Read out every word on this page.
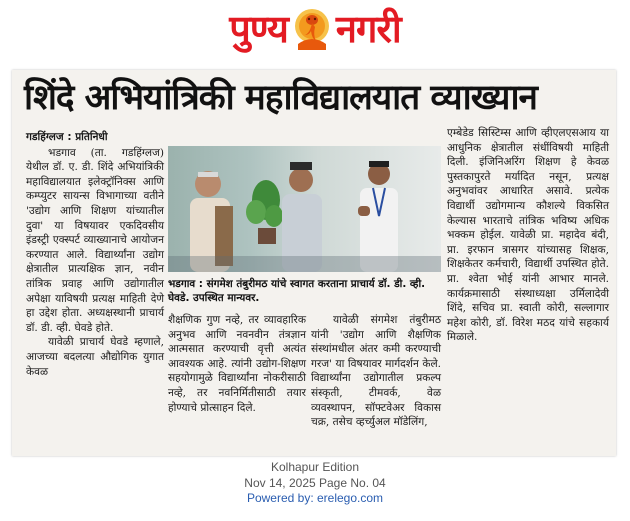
पुण्य नगरी
शिंदे अभियांत्रिकी महाविद्यालयात व्याख्यान

गडहिंग्लज : प्रतिनिधी

भडगाव (ता. गडहिंग्लज) येथील डॉ. ए. डी. शिंदे अभियांत्रिकी महाविद्यालयात इलेक्ट्रॉनिक्स आणि कम्प्युटर सायन्स विभागाच्या वतीने 'उद्योग आणि शिक्षण यांच्यातील दुवा' या विषयावर एकदिवसीय इंडस्ट्री एक्स्पर्ट व्याख्यानाचे आयोजन करण्यात आले. विद्यार्थ्यांना उद्योग क्षेत्रातील प्रात्यक्षिक ज्ञान, नवीन तांत्रिक प्रवाह आणि उद्योगातील अपेक्षा याविषयी प्रत्यक्ष माहिती देणे हा उद्देश होता. अध्यक्षस्थानी प्राचार्य डॉ. डी. व्ही. घेवडे होते.

यावेळी प्राचार्य घेवडे म्हणाले, आजच्या बदलत्या औद्योगिक युगात केवळ

भडगाव : संगमेश तंबुरीमठ यांचे स्वागत करताना प्राचार्य डॉ. डी. व्ही. घेवडे. उपस्थित मान्यवर.

शैक्षणिक गुण नव्हे, तर व्यावहारिक अनुभव आणि नवनवीन तंत्रज्ञान आत्मसात करण्याची वृत्ती अत्यंत आवश्यक आहे. त्यांनी उद्योग-शिक्षण सहयोगामुळे विद्यार्थ्यांना नोकरीसाठी नव्हे, तर नवनिर्मितीसाठी तयार होण्याचे प्रोत्साहन दिले.

यावेळी संगमेश तंबुरीमठ यांनी 'उद्योग आणि शैक्षणिक संस्थांमधील अंतर कमी करण्याची गरज' या विषयावर मार्गदर्शन केले. विद्यार्थ्यांना उद्योगातील प्रकल्प संस्कृती, टीमवर्क, वेळ व्यवस्थापन, सॉफ्टवेअर विकास चक्र, तसेच व्हर्च्युअल मॉडेलिंग,

एम्बेडेड सिस्टिम्स आणि व्हीएलएसआय या आधुनिक क्षेत्रातील संधींविषयी माहिती दिली. इंजिनिअरिंग शिक्षण हे केवळ पुस्तकापुरते मर्यादित नसून, प्रत्यक्ष अनुभवांवर आधारित असावे. प्रत्येक विद्यार्थी उद्योगमान्य कौशल्ये विकसित केल्यास भारताचे तांत्रिक भविष्य अधिक भक्कम होईल. यावेळी प्रा. महादेव बंदी, प्रा. इरफान त्रासगर यांच्यासह शिक्षक, शिक्षकेतर कर्मचारी, विद्यार्थी उपस्थित होते. प्रा. श्वेता भोई यांनी आभार मानले. कार्यक्रमासाठी संस्थाध्यक्षा उर्मिलादेवी शिंदे, सचिव प्रा. स्वाती कोरी, सल्लागार महेश कोरी, डॉ. विरेश मठद यांचे सहकार्य मिळाले.

Kolhapur Edition
Nov 14, 2025 Page No. 04
Powered by: erelego.com
